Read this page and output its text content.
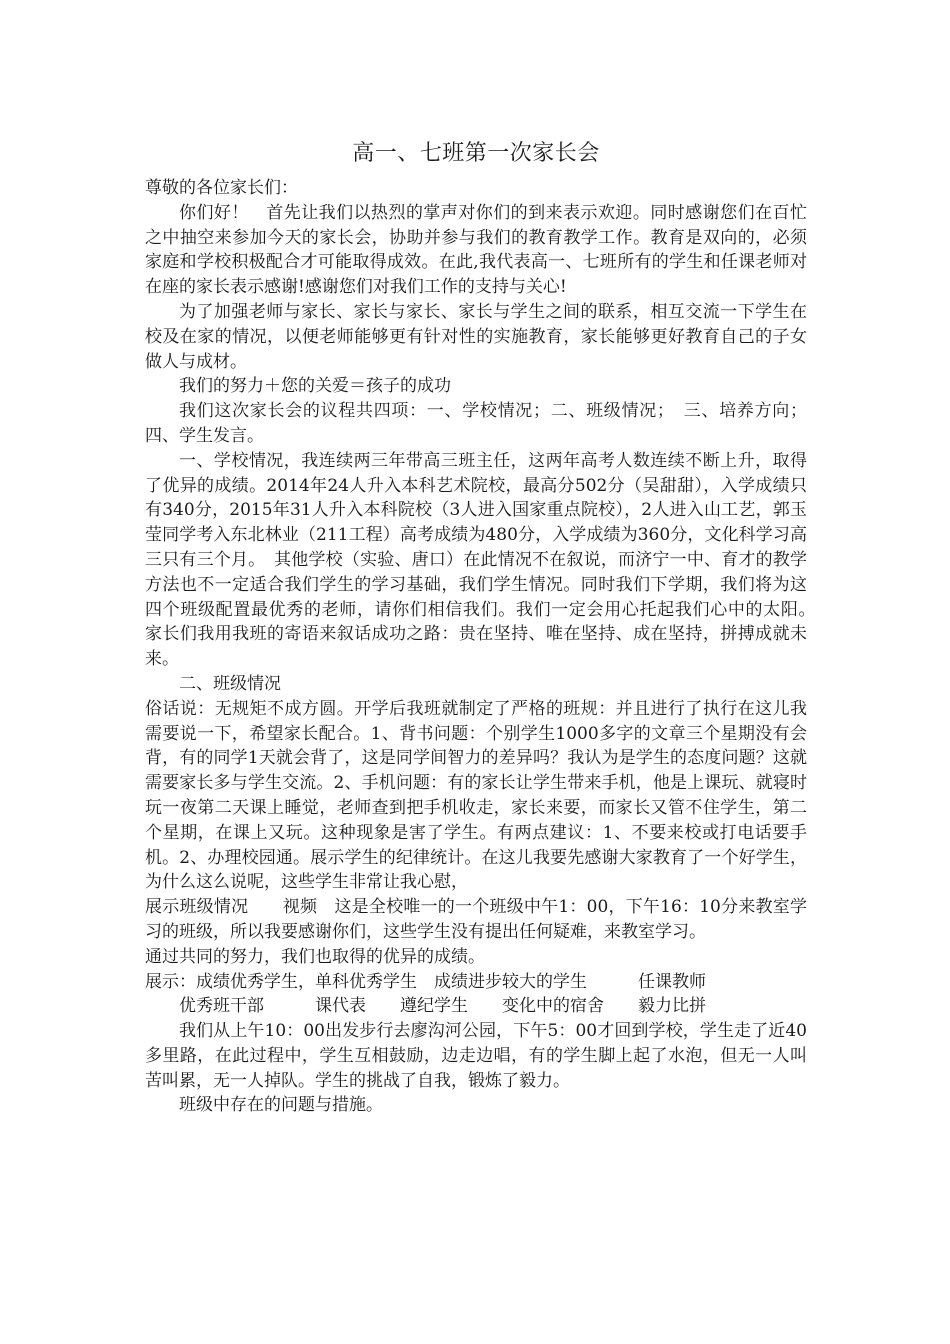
高一、七班第一次家长会

尊敬的各位家长们：

你们好！　首先让我们以热烈的掌声对你们的到来表示欢迎。同时感谢您们在百忙之中抽空来参加今天的家长会，协助并参与我们的教育教学工作。教育是双向的，必须家庭和学校积极配合才可能取得成效。在此,我代表高一、七班所有的学生和任课老师对在座的家长表示感谢!感谢您们对我们工作的支持与关心!

为了加强老师与家长、家长与家长、家长与学生之间的联系，相互交流一下学生在校及在家的情况，以便老师能够更有针对性的实施教育，家长能够更好教育自己的子女做人与成材。

我们的努力＋您的关爱＝孩子的成功

我们这次家长会的议程共四项：一、学校情况；二、班级情况；　三、培养方向；四、学生发言。

一、学校情况，我连续两三年带高三班主任，这两年高考人数连续不断上升，取得了优异的成绩。2014年24人升入本科艺术院校，最高分502分（吴甜甜），入学成绩只有340分，2015年31人升入本科院校（3人进入国家重点院校），2人进入山工艺，郭玉莹同学考入东北林业（211工程）高考成绩为480分，入学成绩为360分，文化科学习高三只有三个月。　其他学校（实验、唐口）在此情况不在叙说，而济宁一中、育才的教学方法也不一定适合我们学生的学习基础，我们学生情况。同时我们下学期，我们将为这四个班级配置最优秀的老师，请你们相信我们。我们一定会用心托起我们心中的太阳。　家长们我用我班的寄语来叙话成功之路：贵在坚持、唯在坚持、成在坚持，拼搏成就未来。

二、班级情况

俗话说：无规矩不成方圆。开学后我班就制定了严格的班规：并且进行了执行在这儿我需要说一下，希望家长配合。1、背书问题：个别学生1000多字的文章三个星期没有会背，有的同学1天就会背了，这是同学间智力的差异吗？我认为是学生的态度问题？这就需要家长多与学生交流。2、手机问题：有的家长让学生带来手机，他是上课玩、就寝时玩一夜第二天课上睡觉，老师查到把手机收走，家长来要，而家长又管不住学生，第二个星期，在课上又玩。这种现象是害了学生。有两点建议：1、不要来校或打电话要手机。2、办理校园通。展示学生的纪律统计。在这儿我要先感谢大家教育了一个好学生，为什么这么说呢，这些学生非常让我心慰，

展示班级情况　　视频　这是全校唯一的一个班级中午1：00，下午16：10分来教室学习的班级，所以我要感谢你们，这些学生没有提出任何疑难，来教室学习。

通过共同的努力，我们也取得的优异的成绩。

展示：成绩优秀学生，单科优秀学生　成绩进步较大的学生　　　任课教师

优秀班干部　　　课代表　　遵纪学生　　变化中的宿舍　　毅力比拼

我们从上午10：00出发步行去廖沟河公园，下午5：00才回到学校，学生走了近40多里路，在此过程中，学生互相鼓励，边走边唱，有的学生脚上起了水泡，但无一人叫苦叫累，无一人掉队。学生的挑战了自我，锻炼了毅力。

班级中存在的问题与措施。
